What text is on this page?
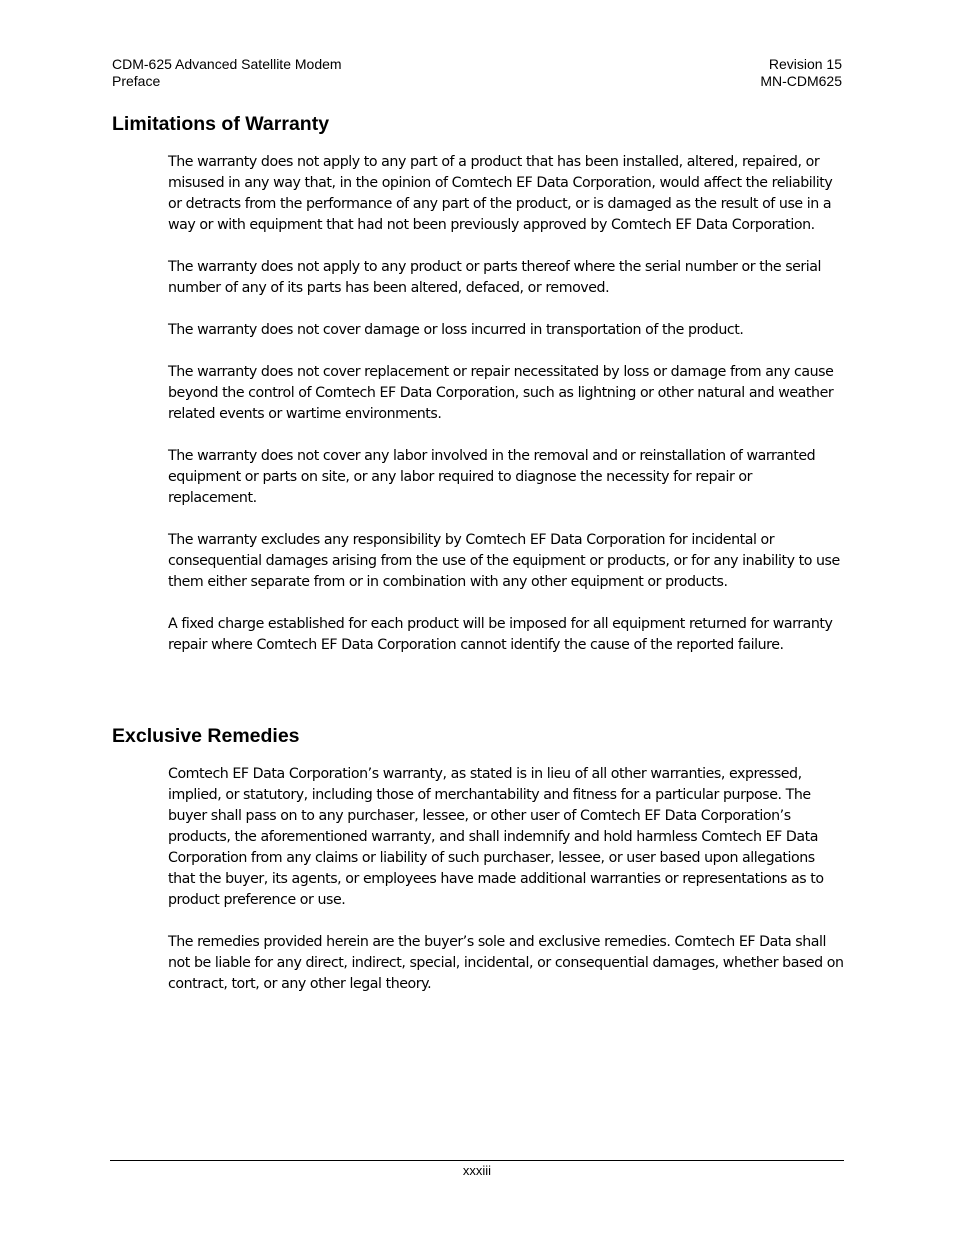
CDM-625 Advanced Satellite Modem
Preface
Revision 15
MN-CDM625
Limitations of Warranty

The warranty does not apply to any part of a product that has been installed, altered, repaired, or misused in any way that, in the opinion of Comtech EF Data Corporation, would affect the reliability or detracts from the performance of any part of the product, or is damaged as the result of use in a way or with equipment that had not been previously approved by Comtech EF Data Corporation.

The warranty does not apply to any product or parts thereof where the serial number or the serial number of any of its parts has been altered, defaced, or removed.

The warranty does not cover damage or loss incurred in transportation of the product.

The warranty does not cover replacement or repair necessitated by loss or damage from any cause beyond the control of Comtech EF Data Corporation, such as lightning or other natural and weather related events or wartime environments.

The warranty does not cover any labor involved in the removal and or reinstallation of warranted equipment or parts on site, or any labor required to diagnose the necessity for repair or replacement.

The warranty excludes any responsibility by Comtech EF Data Corporation for incidental or consequential damages arising from the use of the equipment or products, or for any inability to use them either separate from or in combination with any other equipment or products.

A fixed charge established for each product will be imposed for all equipment returned for warranty repair where Comtech EF Data Corporation cannot identify the cause of the reported failure.

Exclusive Remedies

Comtech EF Data Corporation’s warranty, as stated is in lieu of all other warranties, expressed, implied, or statutory, including those of merchantability and fitness for a particular purpose. The buyer shall pass on to any purchaser, lessee, or other user of Comtech EF Data Corporation’s products, the aforementioned warranty, and shall indemnify and hold harmless Comtech EF Data Corporation from any claims or liability of such purchaser, lessee, or user based upon allegations that the buyer, its agents, or employees have made additional warranties or representations as to product preference or use.

The remedies provided herein are the buyer’s sole and exclusive remedies. Comtech EF Data shall not be liable for any direct, indirect, special, incidental, or consequential damages, whether based on contract, tort, or any other legal theory.

xxxiii
